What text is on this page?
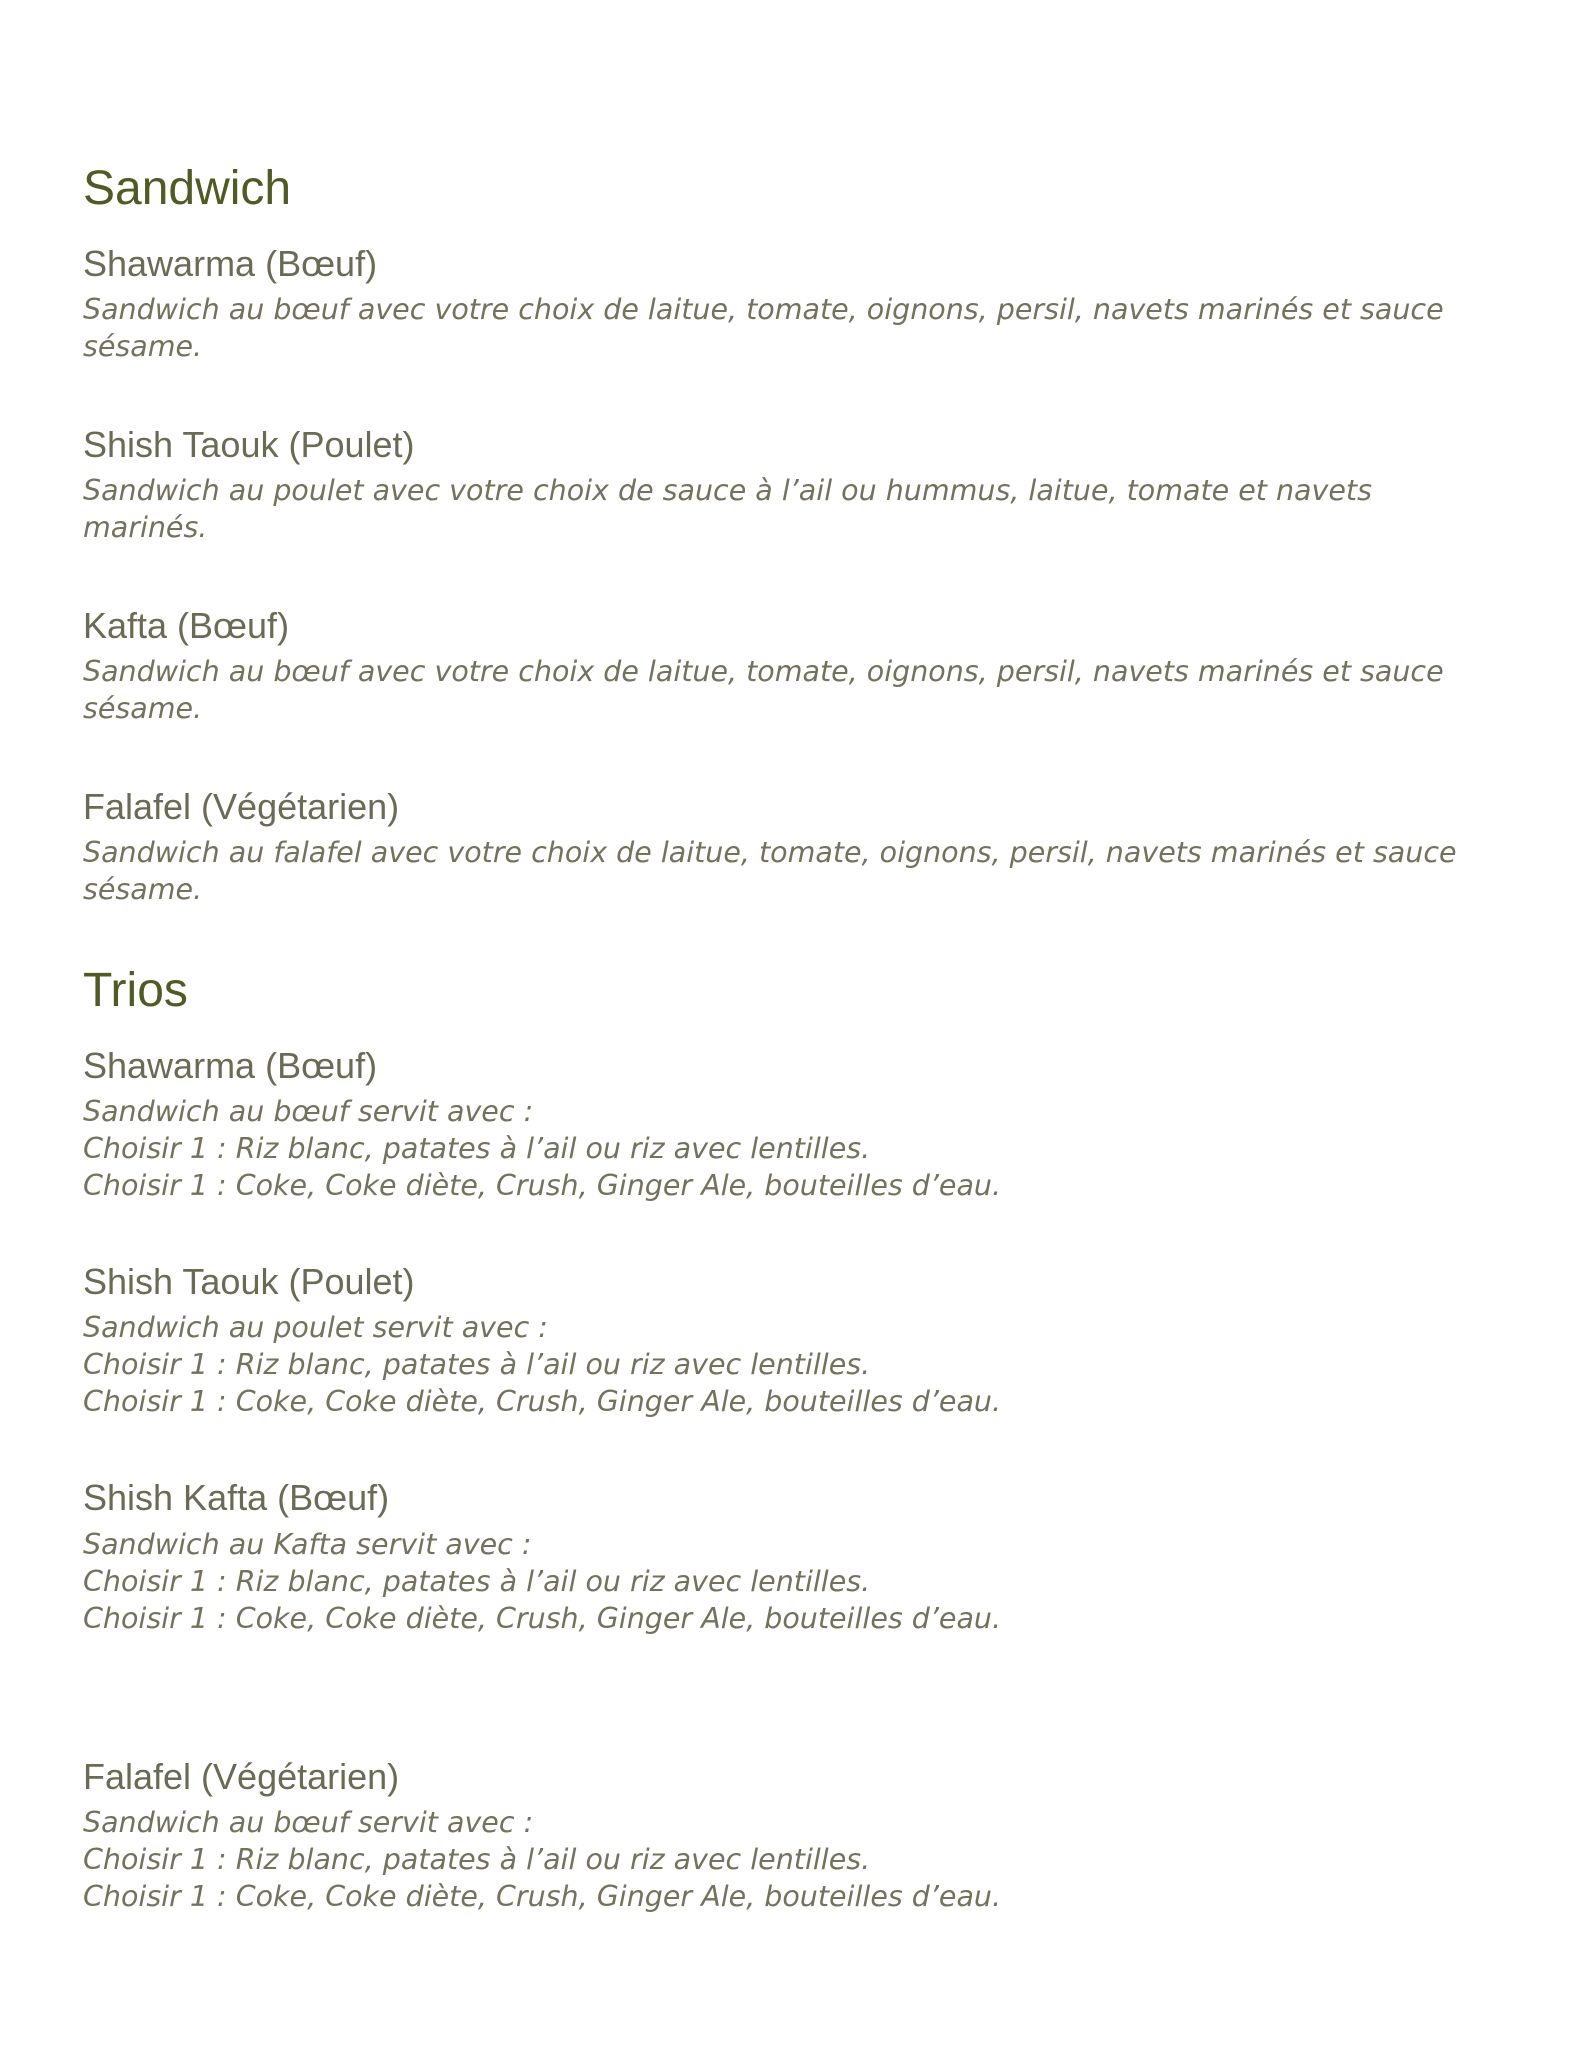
Sandwich
Shawarma (Bœuf)

Sandwich au bœuf avec votre choix de laitue, tomate, oignons, persil, navets marinés et sauce sésame.

Shish Taouk (Poulet)

Sandwich au poulet avec votre choix de sauce à l’ail ou hummus, laitue, tomate et navets marinés.

Kafta (Bœuf)

Sandwich au bœuf avec votre choix de laitue, tomate, oignons, persil, navets marinés et sauce sésame.

Falafel (Végétarien)

Sandwich au falafel avec votre choix de laitue, tomate, oignons, persil, navets marinés et sauce sésame.

Trios
Shawarma (Bœuf)

Sandwich au bœuf servit avec :
Choisir 1 : Riz blanc, patates à l’ail ou riz avec lentilles.
Choisir 1 : Coke, Coke diète, Crush, Ginger Ale, bouteilles d’eau.

Shish Taouk (Poulet)

Sandwich au poulet servit avec :
Choisir 1 : Riz blanc, patates à l’ail ou riz avec lentilles.
Choisir 1 : Coke, Coke diète, Crush, Ginger Ale, bouteilles d’eau.

Shish Kafta (Bœuf)

Sandwich au Kafta servit avec :
Choisir 1 : Riz blanc, patates à l’ail ou riz avec lentilles.
Choisir 1 : Coke, Coke diète, Crush, Ginger Ale, bouteilles d’eau.

Falafel (Végétarien)

Sandwich au bœuf servit avec :
Choisir 1 : Riz blanc, patates à l’ail ou riz avec lentilles.
Choisir 1 : Coke, Coke diète, Crush, Ginger Ale, bouteilles d’eau.
